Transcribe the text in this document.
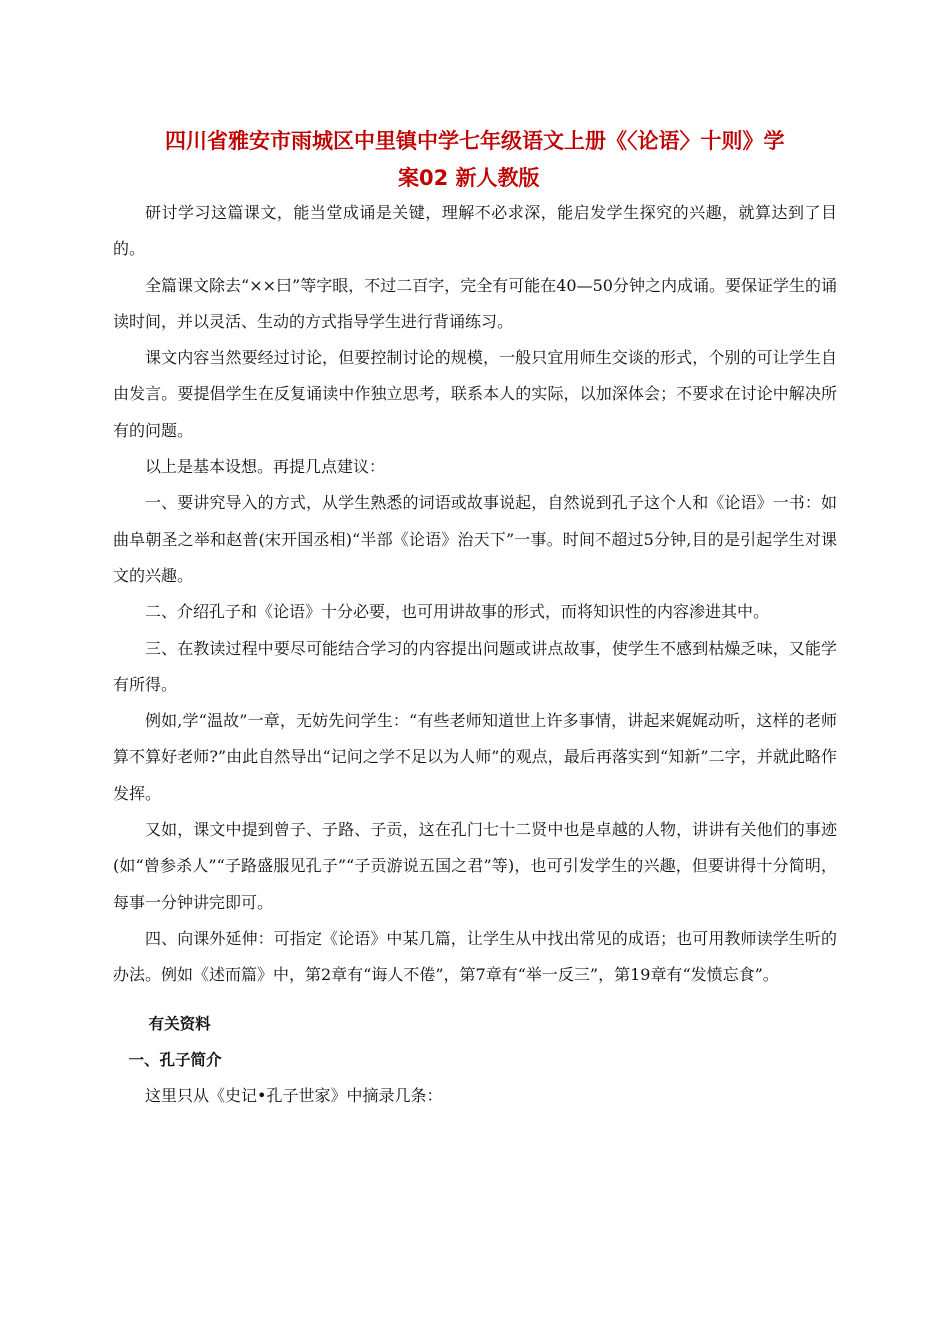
四川省雅安市雨城区中里镇中学七年级语文上册《〈论语〉十则》学
案02 新人教版

研讨学习这篇课文，能当堂成诵是关键，理解不必求深，能启发学生探究的兴趣，就算达到了目的。

全篇课文除去“××曰”等字眼，不过二百字，完全有可能在40—50分钟之内成诵。要保证学生的诵读时间，并以灵活、生动的方式指导学生进行背诵练习。

课文内容当然要经过讨论，但要控制讨论的规模，一般只宜用师生交谈的形式，个别的可让学生自由发言。要提倡学生在反复诵读中作独立思考，联系本人的实际，以加深体会；不要求在讨论中解决所有的问题。

以上是基本设想。再提几点建议：

一、要讲究导入的方式，从学生熟悉的词语或故事说起，自然说到孔子这个人和《论语》一书：如曲阜朝圣之举和赵普(宋开国丞相)“半部《论语》治天下”一事。时间不超过5分钟,目的是引起学生对课文的兴趣。

二、介绍孔子和《论语》十分必要，也可用讲故事的形式，而将知识性的内容渗进其中。

三、在教读过程中要尽可能结合学习的内容提出问题或讲点故事，使学生不感到枯燥乏味，又能学有所得。

例如,学“温故”一章，无妨先问学生：“有些老师知道世上许多事情，讲起来娓娓动听，这样的老师算不算好老师?”由此自然导出“记问之学不足以为人师”的观点，最后再落实到“知新”二字，并就此略作发挥。

又如，课文中提到曾子、子路、子贡，这在孔门七十二贤中也是卓越的人物，讲讲有关他们的事迹(如“曾参杀人”“子路盛服见孔子”“子贡游说五国之君”等)，也可引发学生的兴趣，但要讲得十分简明，每事一分钟讲完即可。

四、向课外延伸：可指定《论语》中某几篇，让学生从中找出常见的成语；也可用教师读学生听的办法。例如《述而篇》中，第2章有“诲人不倦”，第7章有“举一反三”，第19章有“发愤忘食”。

有关资料

一、孔子简介

这里只从《史记•孔子世家》中摘录几条：
